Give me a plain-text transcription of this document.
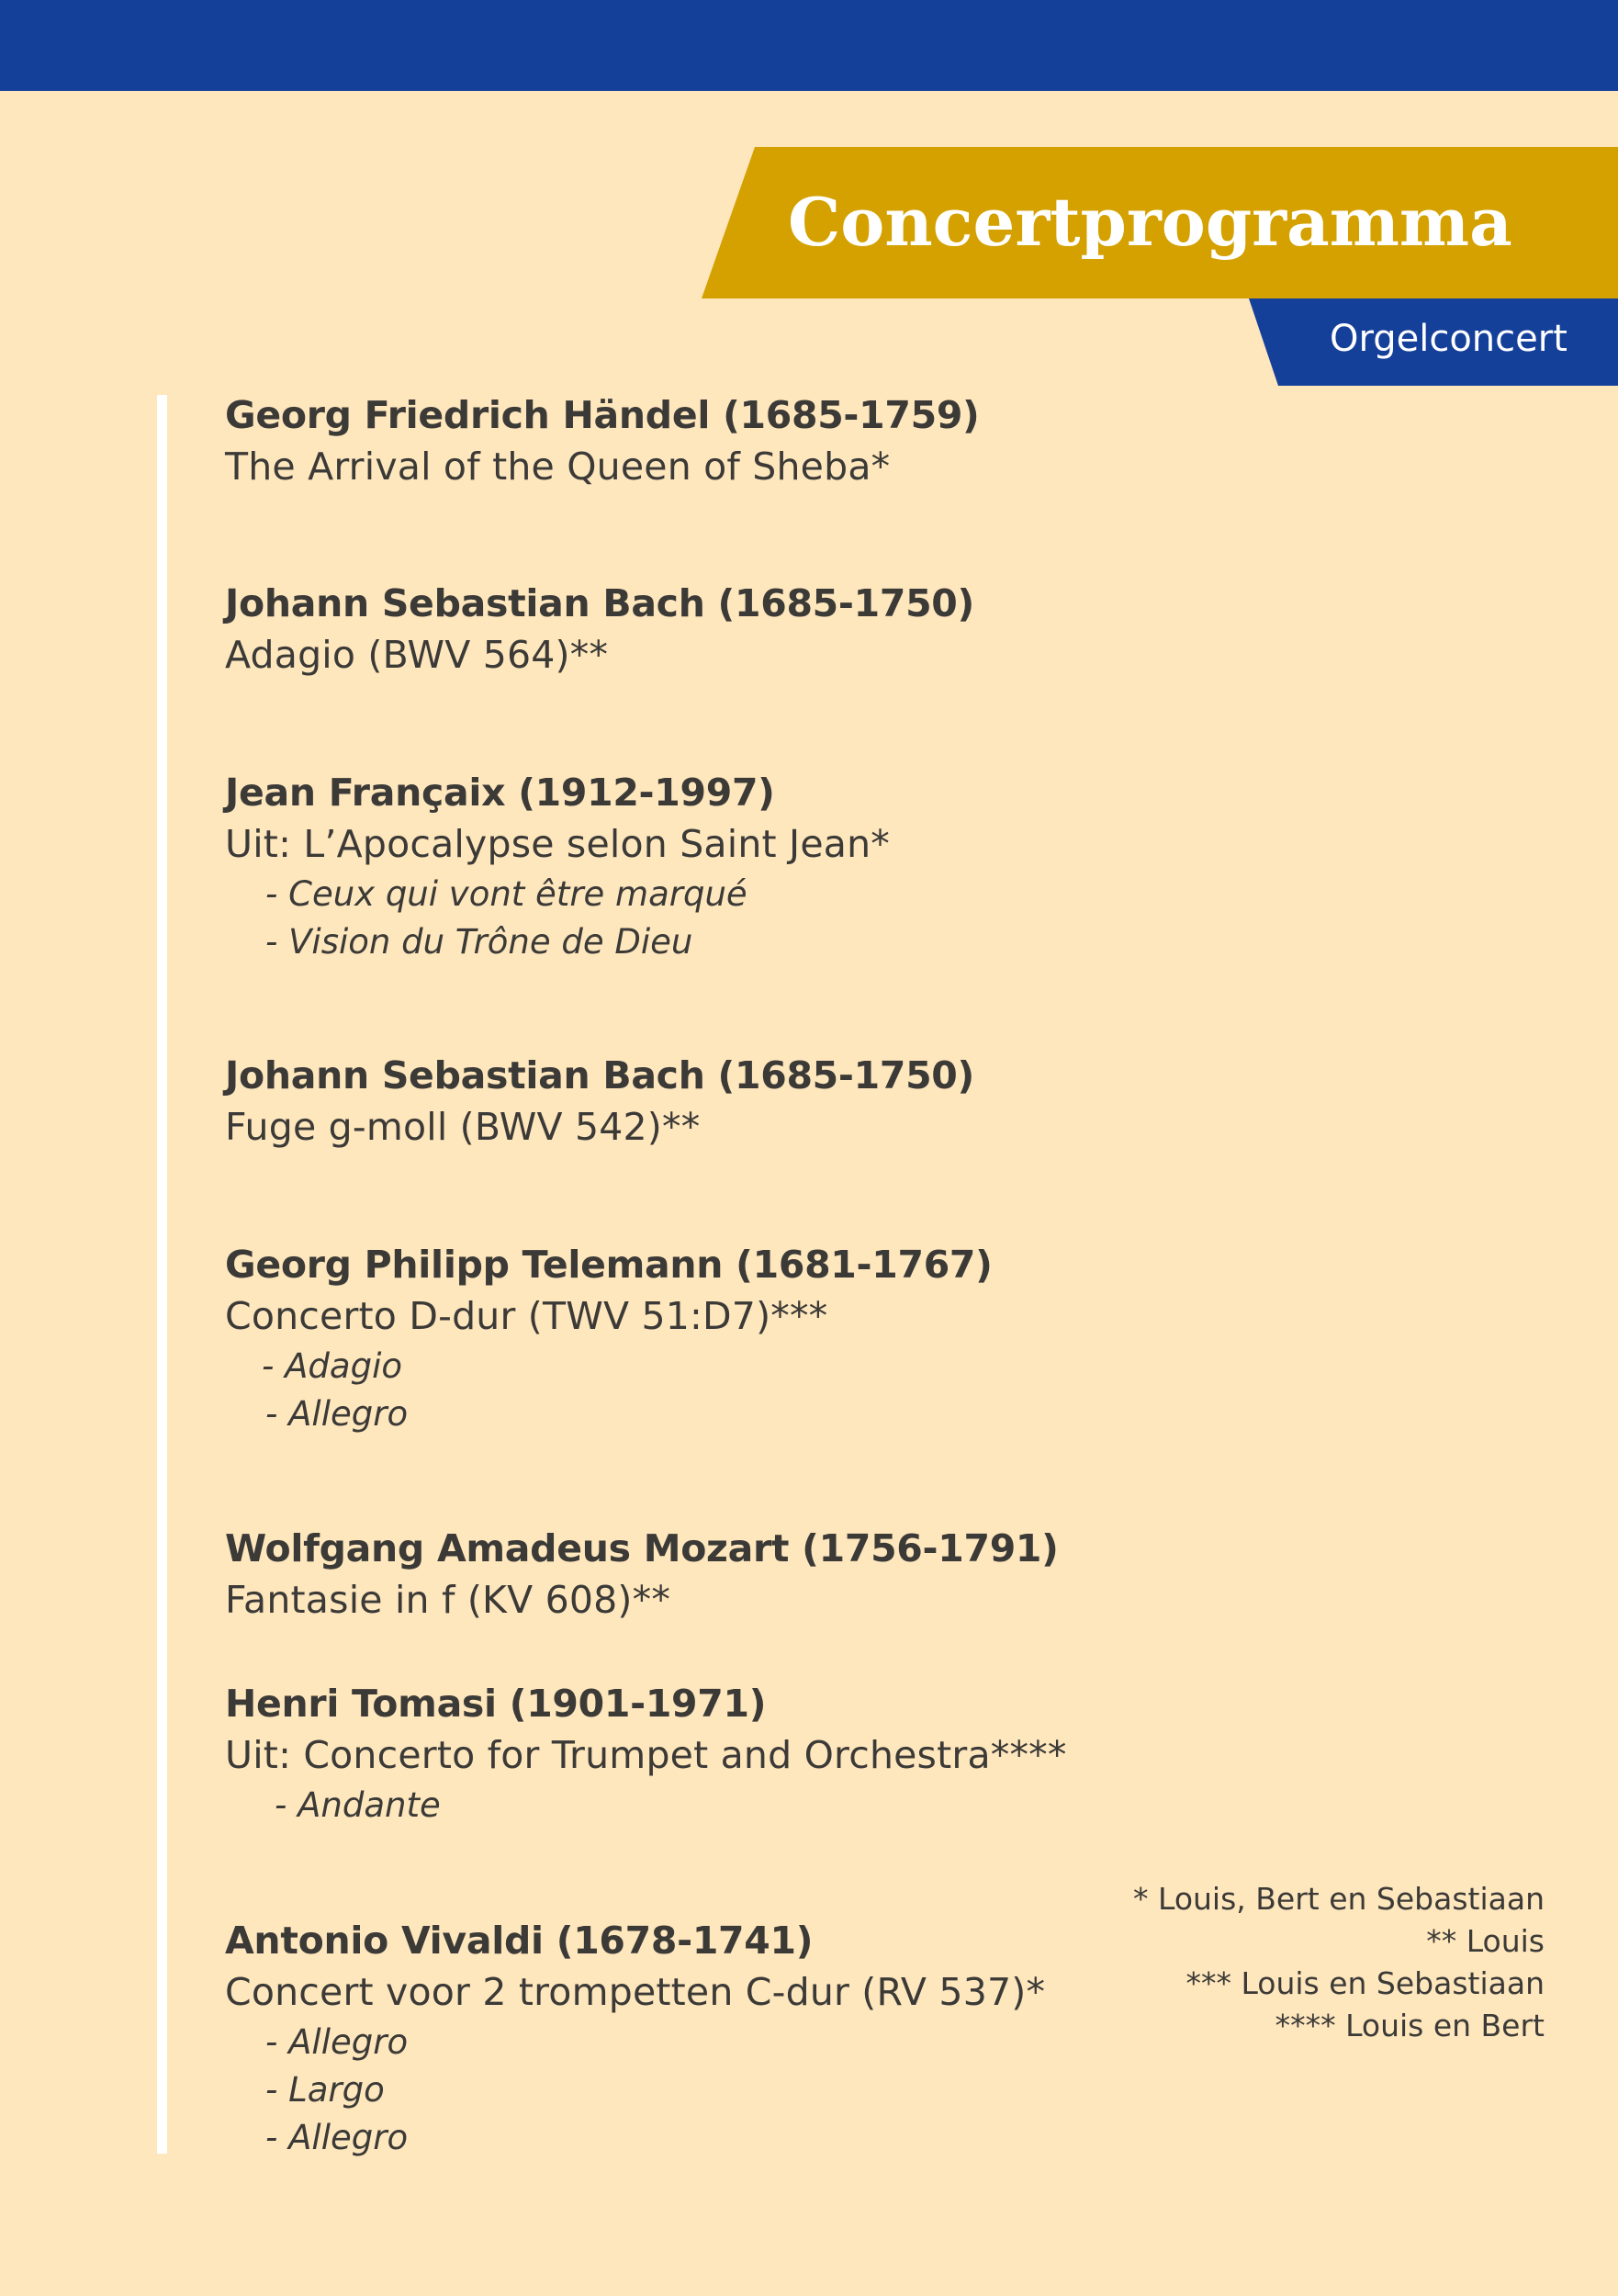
Concertprogramma
Orgelconcert
Georg Friedrich Händel (1685-1759)
The Arrival of the Queen of Sheba*
Johann Sebastian Bach (1685-1750)
Adagio (BWV 564)**
Jean Françaix (1912-1997)
Uit: L’Apocalypse selon Saint Jean*
- Ceux qui vont être marqué
- Vision du Trône de Dieu
Johann Sebastian Bach (1685-1750)
Fuge g-moll (BWV 542)**
Georg Philipp Telemann (1681-1767)
Concerto D-dur (TWV 51:D7)***
- Adagio
- Allegro
Wolfgang Amadeus Mozart (1756-1791)
Fantasie in f (KV 608)**
Henri Tomasi (1901-1971)
Uit: Concerto for Trumpet and Orchestra****
- Andante
Antonio Vivaldi (1678-1741)
Concert voor 2 trompetten C-dur (RV 537)*
- Allegro
- Largo
- Allegro
* Louis, Bert en Sebastiaan
** Louis
*** Louis en Sebastiaan
**** Louis en Bert
